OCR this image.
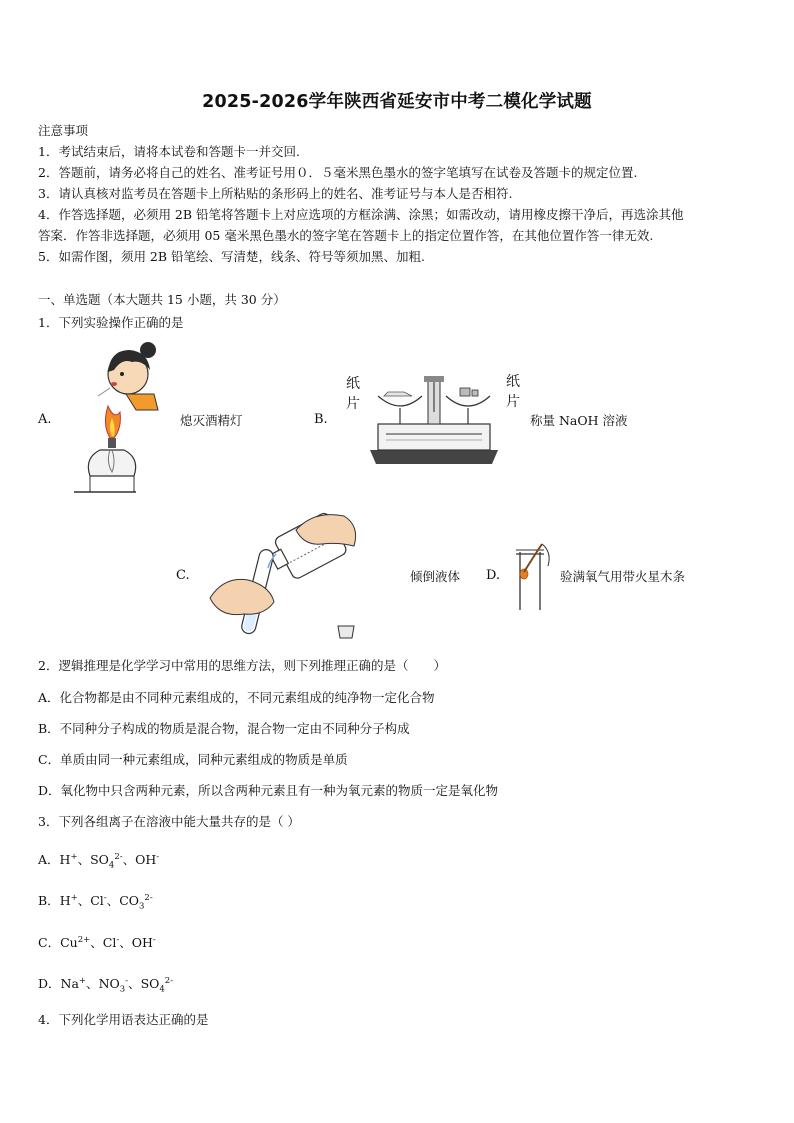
2025-2026学年陕西省延安市中考二模化学试题
注意事项
1．考试结束后，请将本试卷和答题卡一并交回.
2．答题前，请务必将自己的姓名、准考证号用０．５毫米黑色墨水的签字笔填写在试卷及答题卡的规定位置.
3．请认真核对监考员在答题卡上所粘贴的条形码上的姓名、准考证号与本人是否相符.
4．作答选择题，必须用 2B 铅笔将答题卡上对应选项的方框涂满、涂黑；如需改动，请用橡皮擦干净后，再选涂其他
答案．作答非选择题，必须用 05 毫米黑色墨水的签字笔在答题卡上的指定位置作答，在其他位置作答一律无效.
5．如需作图，须用 2B 铅笔绘、写清楚，线条、符号等须加黑、加粗.
一、单选题（本大题共 15 小题，共 30 分）
1．下列实验操作正确的是
A.	熄灭酒精灯	B.
纸片
纸片
称量 NaOH 溶液
C.	倾倒液体 D.	验满氧气用带火星木条
2．逻辑推理是化学学习中常用的思维方法，则下列推理正确的是（　　）
A．化合物都是由不同种元素组成的，不同元素组成的纯净物一定化合物
B．不同种分子构成的物质是混合物，混合物一定由不同种分子构成
C．单质由同一种元素组成，同种元素组成的物质是单质
D．氧化物中只含两种元素，所以含两种元素且有一种为氧元素的物质一定是氧化物
3．下列各组离子在溶液中能大量共存的是（ ）
A．H+、$SO_4^{2-}$、OH-
B．H+、Cl-、$CO_3^{2-}$
C．$Cu^{2+}$、Cl-、OH-
D．Na+、$NO_3^-$、$SO_4^{2-}$
4．下列化学用语表达正确的是
